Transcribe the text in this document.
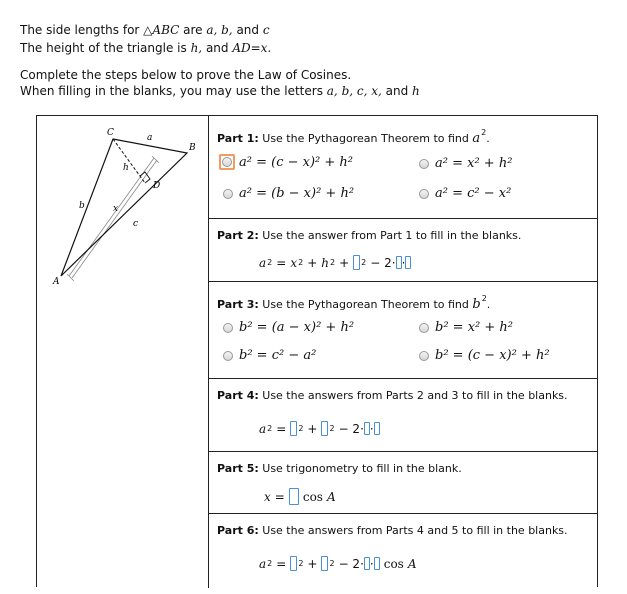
The side lengths for △ABC are a, b, and c
The height of the triangle is h, and AD=x.
Complete the steps below to prove the Law of Cosines.
When filling in the blanks, you may use the letters a, b, c, x, and h
C	a
B
h
D
b	x
c
A
Part 1: Use the Pythagorean Theorem to find $a^2$.
a² = (c − x)² + h²	a² = x² + h²
a² = (b − x)² + h²	a² = c² − x²
Part 2: Use the answer from Part 1 to fill in the blanks.
a 2 = x 2 + h 2 + 2 − 2· ·
Part 3: Use the Pythagorean Theorem to find $b^2$.
b² = (a − x)² + h²	b² = x² + h²
b² = c² − a²	b² = (c − x)² + h²
Part 4: Use the answers from Parts 2 and 3 to fill in the blanks.
a 2 = 2 + 2 − 2· ·
Part 5: Use trigonometry to fill in the blank.
x = cos A
Part 6: Use the answers from Parts 4 and 5 to fill in the blanks.
a 2 = 2 + 2 − 2· · cos A
